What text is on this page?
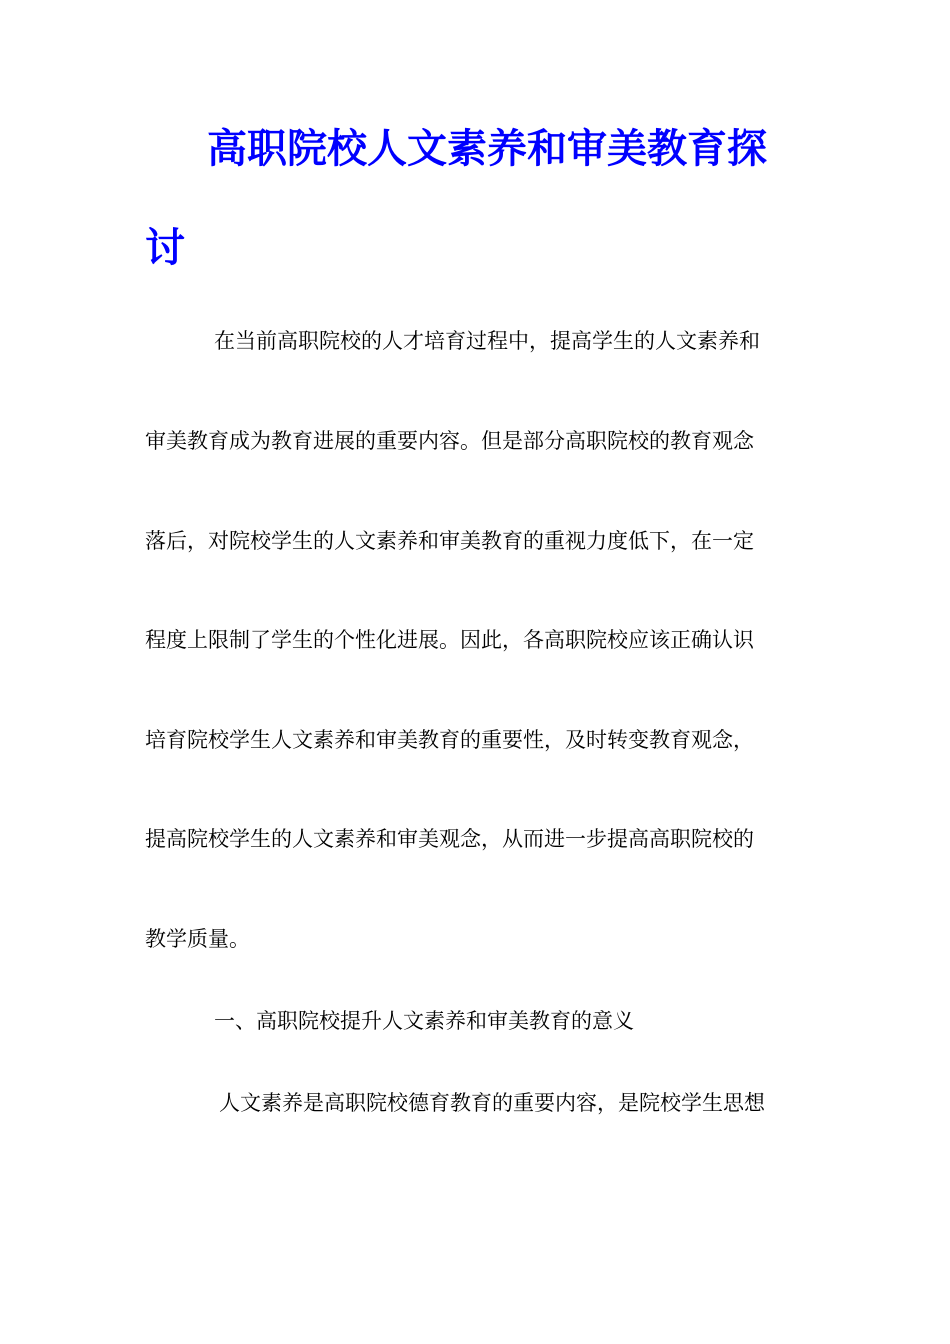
高职院校人文素养和审美教育探
讨
在当前高职院校的人才培育过程中，提高学生的人文素养和
审美教育成为教育进展的重要内容。但是部分高职院校的教育观念
落后，对院校学生的人文素养和审美教育的重视力度低下，在一定
程度上限制了学生的个性化进展。因此，各高职院校应该正确认识
培育院校学生人文素养和审美教育的重要性，及时转变教育观念，
提高院校学生的人文素养和审美观念，从而进一步提高高职院校的
教学质量。
一、高职院校提升人文素养和审美教育的意义
人文素养是高职院校德育教育的重要内容，是院校学生思想
